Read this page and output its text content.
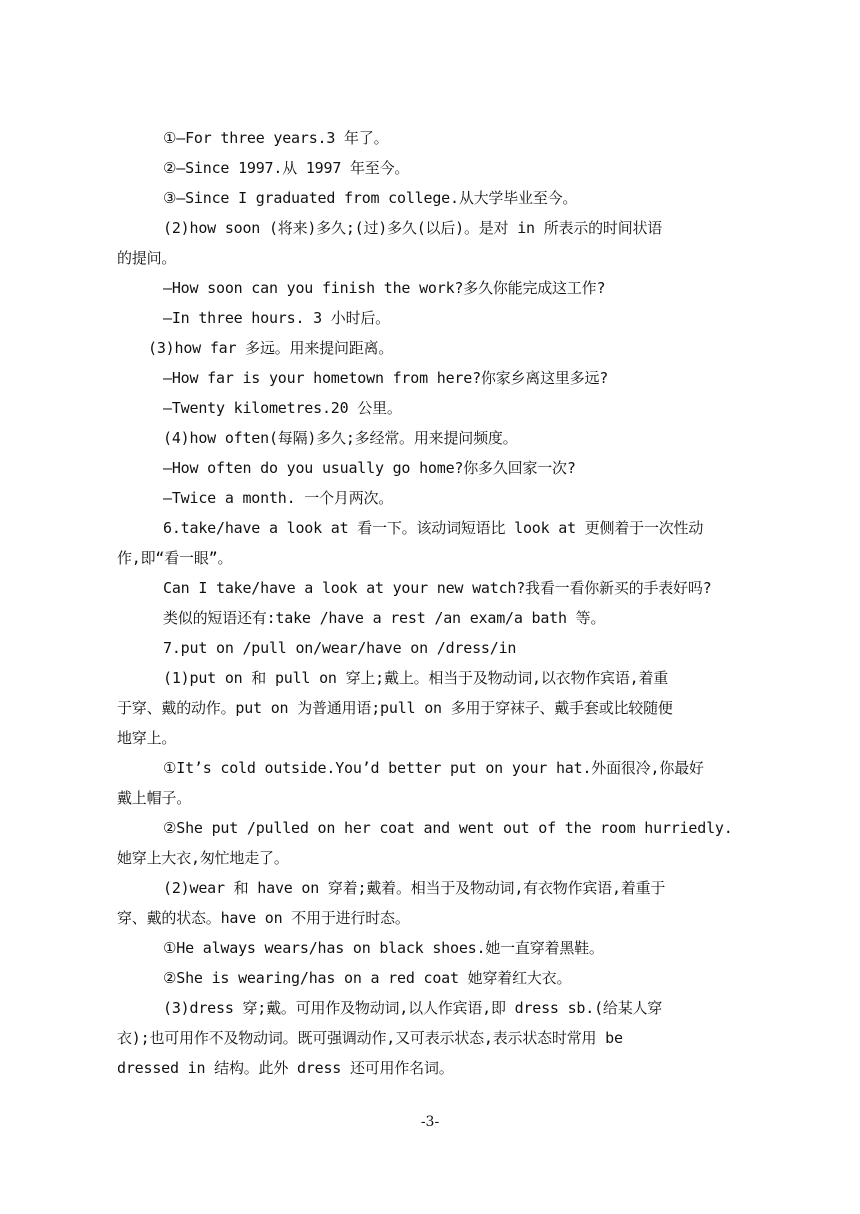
①—For three years.3 年了。
②—Since 1997.从 1997 年至今。
③—Since I graduated from college.从大学毕业至今。
(2)how soon (将来)多久;(过)多久(以后)。是对 in 所表示的时间状语
的提问。
—How soon can you finish the work?多久你能完成这工作?
—In three hours. 3 小时后。
(3)how far 多远。用来提问距离。
—How far is your hometown from here?你家乡离这里多远?
—Twenty kilometres.20 公里。
(4)how often(每隔)多久;多经常。用来提问频度。
—How often do you usually go home?你多久回家一次?
—Twice a month. 一个月两次。
6.take/have a look at 看一下。该动词短语比 look at 更侧着于一次性动
作,即“看一眼”。
Can I take/have a look at your new watch?我看一看你新买的手表好吗?
类似的短语还有:take /have a rest /an exam/a bath 等。
7.put on /pull on/wear/have on /dress/in
(1)put on 和 pull on 穿上;戴上。相当于及物动词,以衣物作宾语,着重
于穿、戴的动作。put on 为普通用语;pull on 多用于穿袜子、戴手套或比较随便
地穿上。
①It’s cold outside.You’d better put on your hat.外面很冷,你最好
戴上帽子。
②She put /pulled on her coat and went out of the room hurriedly.
她穿上大衣,匆忙地走了。
(2)wear 和 have on 穿着;戴着。相当于及物动词,有衣物作宾语,着重于
穿、戴的状态。have on 不用于进行时态。
①He always wears/has on black shoes.她一直穿着黑鞋。
②She is wearing/has on a red coat 她穿着红大衣。
(3)dress 穿;戴。可用作及物动词,以人作宾语,即 dress sb.(给某人穿
衣);也可用作不及物动词。既可强调动作,又可表示状态,表示状态时常用 be
dressed in 结构。此外 dress 还可用作名词。
-3-
